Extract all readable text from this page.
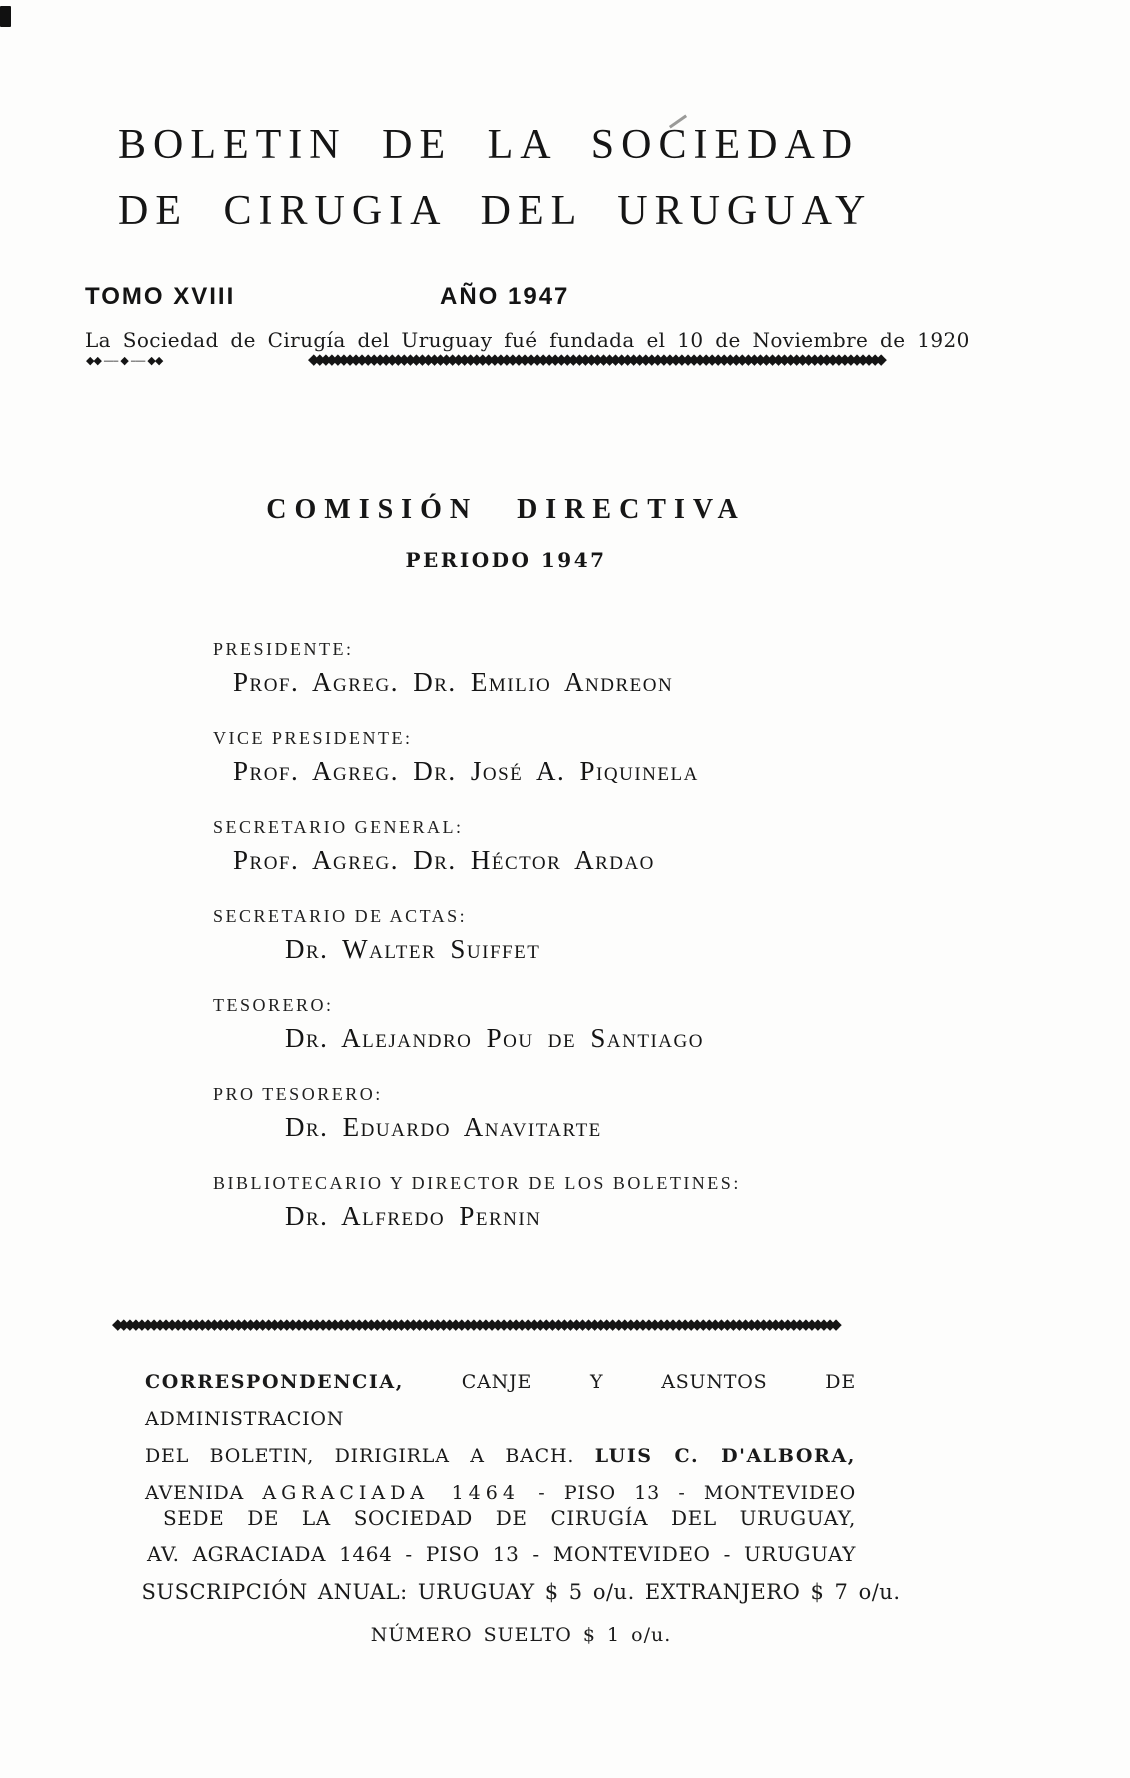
BOLETIN DE LA SOCIEDAD
DE CIRUGIA DEL URUGUAY
TOMO XVIII	AÑO 1947
La Sociedad de Cirugía del Uruguay fué fundada el 10 de Noviembre de 1920
◆◆ —– ◆ –— ◆◆	◆◆◆◆◆◆◆◆◆◆◆◆◆◆◆◆◆◆◆◆◆◆◆◆◆◆◆◆◆◆◆◆◆◆◆◆◆◆◆◆◆◆◆◆◆◆◆◆◆◆◆◆◆◆◆◆◆◆◆◆◆◆◆◆◆◆◆◆◆◆◆◆◆◆◆◆◆◆◆◆◆◆◆◆◆◆◆◆◆◆◆◆◆◆◆
COMISIÓN DIRECTIVA
PERIODO 1947
PRESIDENTE:
Prof. Agreg. Dr. Emilio Andreon
VICE PRESIDENTE:
Prof. Agreg. Dr. José A. Piquinela
SECRETARIO GENERAL:
Prof. Agreg. Dr. Héctor Ardao
SECRETARIO DE ACTAS:
Dr. Walter Suiffet
TESORERO:
Dr. Alejandro Pou de Santiago
PRO TESORERO:
Dr. Eduardo Anavitarte
BIBLIOTECARIO Y DIRECTOR DE LOS BOLETINES:
Dr. Alfredo Pernin
◆◆◆◆◆◆◆◆◆◆◆◆◆◆◆◆◆◆◆◆◆◆◆◆◆◆◆◆◆◆◆◆◆◆◆◆◆◆◆◆◆◆◆◆◆◆◆◆◆◆◆◆◆◆◆◆◆◆◆◆◆◆◆◆◆◆◆◆◆◆◆◆◆◆◆◆◆◆◆◆◆◆◆◆◆◆◆◆◆◆◆◆◆◆◆◆◆◆◆◆◆◆◆◆◆◆◆◆◆◆◆◆◆◆◆◆◆◆◆◆
CORRESPONDENCIA,	CANJE Y ASUNTOS DE ADMINISTRACION
DEL BOLETIN, DIRIGIRLA A BACH. LUIS C. D'ALBORA,
AVENIDA AGRACIADA 1464 - PISO 13 - MONTEVIDEO
SEDE DE LA SOCIEDAD DE CIRUGÍA DEL URUGUAY,
AV. AGRACIADA 1464 - PISO 13 - MONTEVIDEO - URUGUAY
SUSCRIPCIÓN ANUAL: URUGUAY $ 5 o/u. EXTRANJERO $ 7 o/u.
NÚMERO SUELTO $ 1 o/u.
